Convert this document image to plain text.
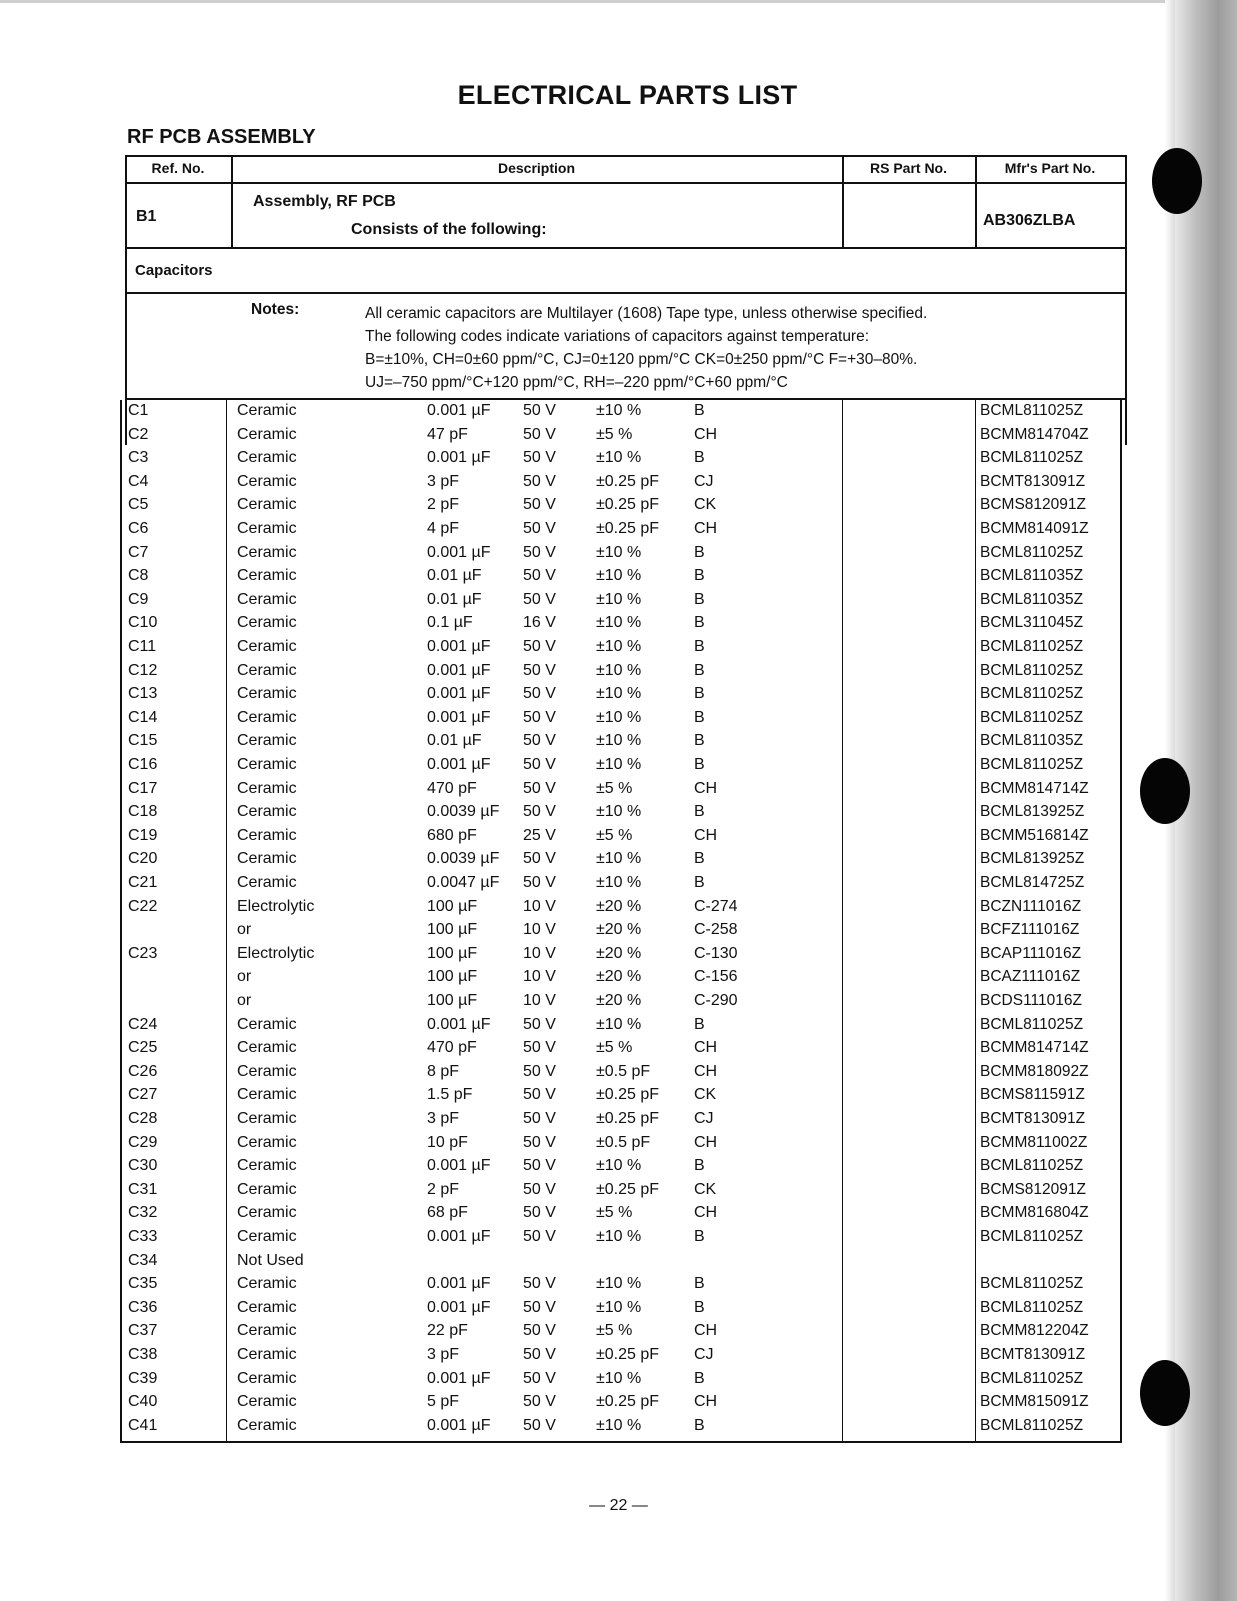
ELECTRICAL PARTS LIST
RF PCB ASSEMBLY
Ref. No.	Description	RS Part No.	Mfr's Part No.
B1
Assembly, RF PCB
Consists of the following:
AB306ZLBA
Capacitors
Notes:	All ceramic capacitors are Multilayer (1608) Tape type, unless otherwise specified.
The following codes indicate variations of capacitors against temperature:
B=±10%, CH=0±60 ppm/°C, CJ=0±120 ppm/°C CK=0±250 ppm/°C F=+30–80%.
UJ=–750 ppm/°C+120 ppm/°C, RH=–220 ppm/°C+60 ppm/°C
C1	Ceramic	0.001 µF 50 V	±10 %	B	BCML811025Z
C2	Ceramic	47 pF	50 V	±5 %	CH	BCMM814704Z
C3	Ceramic	0.001 µF 50 V	±10 %	B	BCML811025Z
C4	Ceramic	3 pF	50 V	±0.25 pF CJ	BCMT813091Z
C5	Ceramic	2 pF	50 V	±0.25 pF CK	BCMS812091Z
C6	Ceramic	4 pF	50 V	±0.25 pF CH	BCMM814091Z
C7	Ceramic	0.001 µF 50 V	±10 %	B	BCML811025Z
C8	Ceramic	0.01 µF	50 V	±10 %	B	BCML811035Z
C9	Ceramic	0.01 µF	50 V	±10 %	B	BCML811035Z
C10	Ceramic	0.1 µF	16 V	±10 %	B	BCML311045Z
C11	Ceramic	0.001 µF 50 V	±10 %	B	BCML811025Z
C12	Ceramic	0.001 µF 50 V	±10 %	B	BCML811025Z
C13	Ceramic	0.001 µF 50 V	±10 %	B	BCML811025Z
C14	Ceramic	0.001 µF 50 V	±10 %	B	BCML811025Z
C15	Ceramic	0.01 µF	50 V	±10 %	B	BCML811035Z
C16	Ceramic	0.001 µF 50 V	±10 %	B	BCML811025Z
C17	Ceramic	470 pF	50 V	±5 %	CH	BCMM814714Z
C18	Ceramic	0.0039 µF 50 V	±10 %	B	BCML813925Z
C19	Ceramic	680 pF	25 V	±5 %	CH	BCMM516814Z
C20	Ceramic	0.0039 µF 50 V	±10 %	B	BCML813925Z
C21	Ceramic	0.0047 µF 50 V	±10 %	B	BCML814725Z
C22	Electrolytic	100 µF	10 V	±20 %	C-274	BCZN111016Z
or	100 µF	10 V	±20 %	C-258	BCFZ111016Z
C23	Electrolytic	100 µF	10 V	±20 %	C-130	BCAP111016Z
or	100 µF	10 V	±20 %	C-156	BCAZ111016Z
or	100 µF	10 V	±20 %	C-290	BCDS111016Z
C24	Ceramic	0.001 µF 50 V	±10 %	B	BCML811025Z
C25	Ceramic	470 pF	50 V	±5 %	CH	BCMM814714Z
C26	Ceramic	8 pF	50 V	±0.5 pF	CH	BCMM818092Z
C27	Ceramic	1.5 pF	50 V	±0.25 pF CK	BCMS811591Z
C28	Ceramic	3 pF	50 V	±0.25 pF CJ	BCMT813091Z
C29	Ceramic	10 pF	50 V	±0.5 pF	CH	BCMM811002Z
C30	Ceramic	0.001 µF 50 V	±10 %	B	BCML811025Z
C31	Ceramic	2 pF	50 V	±0.25 pF CK	BCMS812091Z
C32	Ceramic	68 pF	50 V	±5 %	CH	BCMM816804Z
C33	Ceramic	0.001 µF 50 V	±10 %	B	BCML811025Z
C34	Not Used
C35	Ceramic	0.001 µF 50 V	±10 %	B	BCML811025Z
C36	Ceramic	0.001 µF 50 V	±10 %	B	BCML811025Z
C37	Ceramic	22 pF	50 V	±5 %	CH	BCMM812204Z
C38	Ceramic	3 pF	50 V	±0.25 pF CJ	BCMT813091Z
C39	Ceramic	0.001 µF 50 V	±10 %	B	BCML811025Z
C40	Ceramic	5 pF	50 V	±0.25 pF CH	BCMM815091Z
C41	Ceramic	0.001 µF 50 V	±10 %	B	BCML811025Z
— 22 —
